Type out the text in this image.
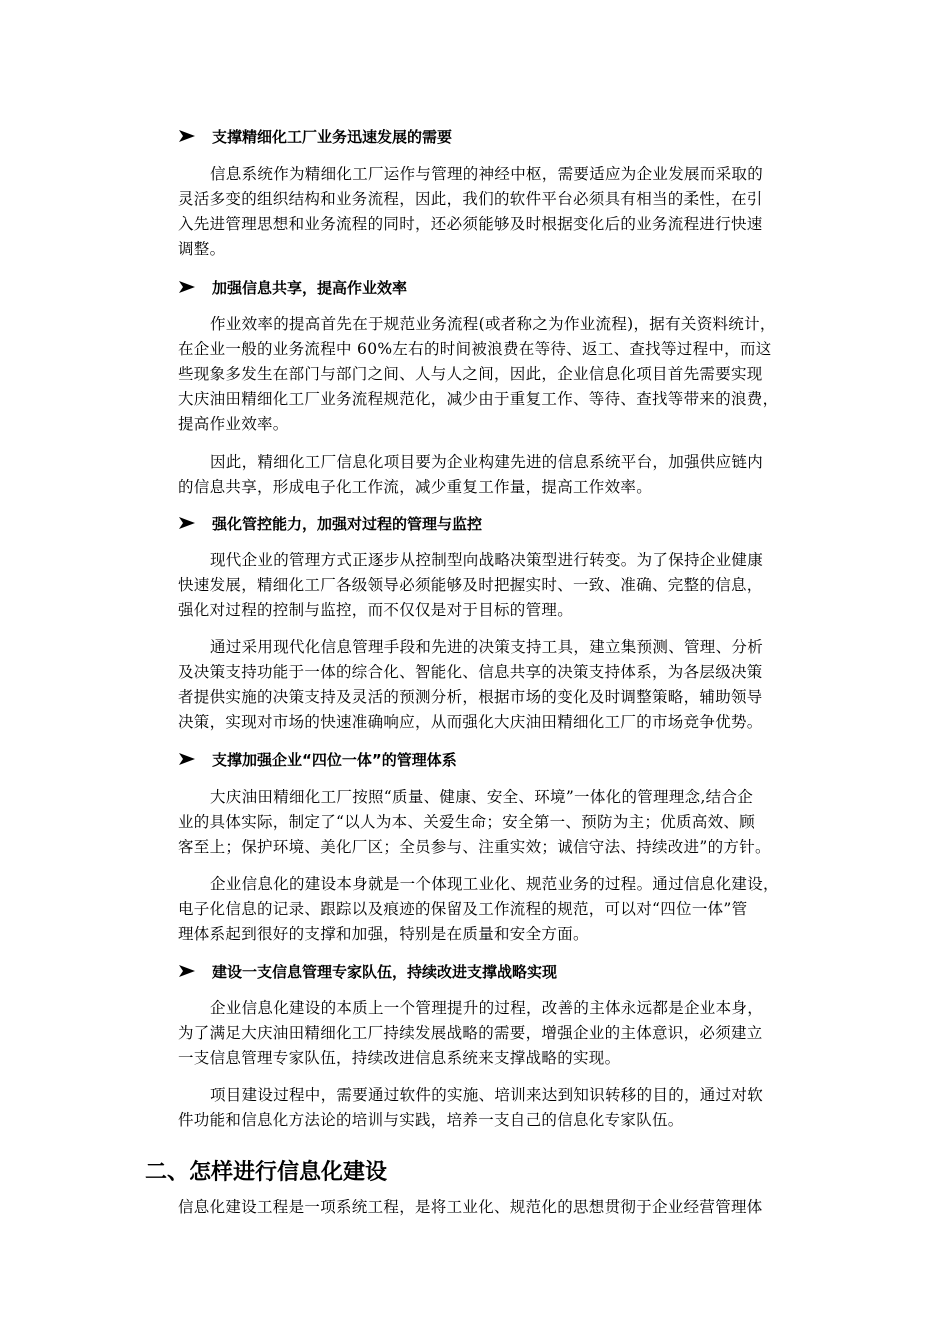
支撑精细化工厂业务迅速发展的需要
信息系统作为精细化工厂运作与管理的神经中枢，需要适应为企业发展而采取的
灵活多变的组织结构和业务流程，因此，我们的软件平台必须具有相当的柔性，在引
入先进管理思想和业务流程的同时，还必须能够及时根据变化后的业务流程进行快速
调整。
加强信息共享，提高作业效率
作业效率的提高首先在于规范业务流程(或者称之为作业流程)，据有关资料统计，
在企业一般的业务流程中 60%左右的时间被浪费在等待、返工、查找等过程中，而这
些现象多发生在部门与部门之间、人与人之间，因此，企业信息化项目首先需要实现
大庆油田精细化工厂业务流程规范化，减少由于重复工作、等待、查找等带来的浪费，
提高作业效率。
因此，精细化工厂信息化项目要为企业构建先进的信息系统平台，加强供应链内
的信息共享，形成电子化工作流，减少重复工作量，提高工作效率。
强化管控能力，加强对过程的管理与监控
现代企业的管理方式正逐步从控制型向战略决策型进行转变。为了保持企业健康
快速发展，精细化工厂各级领导必须能够及时把握实时、一致、准确、完整的信息，
强化对过程的控制与监控，而不仅仅是对于目标的管理。
通过采用现代化信息管理手段和先进的决策支持工具，建立集预测、管理、分析
及决策支持功能于一体的综合化、智能化、信息共享的决策支持体系，为各层级决策
者提供实施的决策支持及灵活的预测分析，根据市场的变化及时调整策略，辅助领导
决策，实现对市场的快速准确响应，从而强化大庆油田精细化工厂的市场竞争优势。
支撑加强企业“四位一体”的管理体系
大庆油田精细化工厂按照“质量、健康、安全、环境”一体化的管理理念,结合企
业的具体实际，制定了“以人为本、关爱生命；安全第一、预防为主；优质高效、顾
客至上；保护环境、美化厂区；全员参与、注重实效；诚信守法、持续改进”的方针。
企业信息化的建设本身就是一个体现工业化、规范业务的过程。通过信息化建设，
电子化信息的记录、跟踪以及痕迹的保留及工作流程的规范，可以对“四位一体”管
理体系起到很好的支撑和加强，特别是在质量和安全方面。
建设一支信息管理专家队伍，持续改进支撑战略实现
企业信息化建设的本质上一个管理提升的过程，改善的主体永远都是企业本身，
为了满足大庆油田精细化工厂持续发展战略的需要，增强企业的主体意识，必须建立
一支信息管理专家队伍，持续改进信息系统来支撑战略的实现。
项目建设过程中，需要通过软件的实施、培训来达到知识转移的目的，通过对软
件功能和信息化方法论的培训与实践，培养一支自己的信息化专家队伍。
二、怎样进行信息化建设
信息化建设工程是一项系统工程，是将工业化、规范化的思想贯彻于企业经营管理体
